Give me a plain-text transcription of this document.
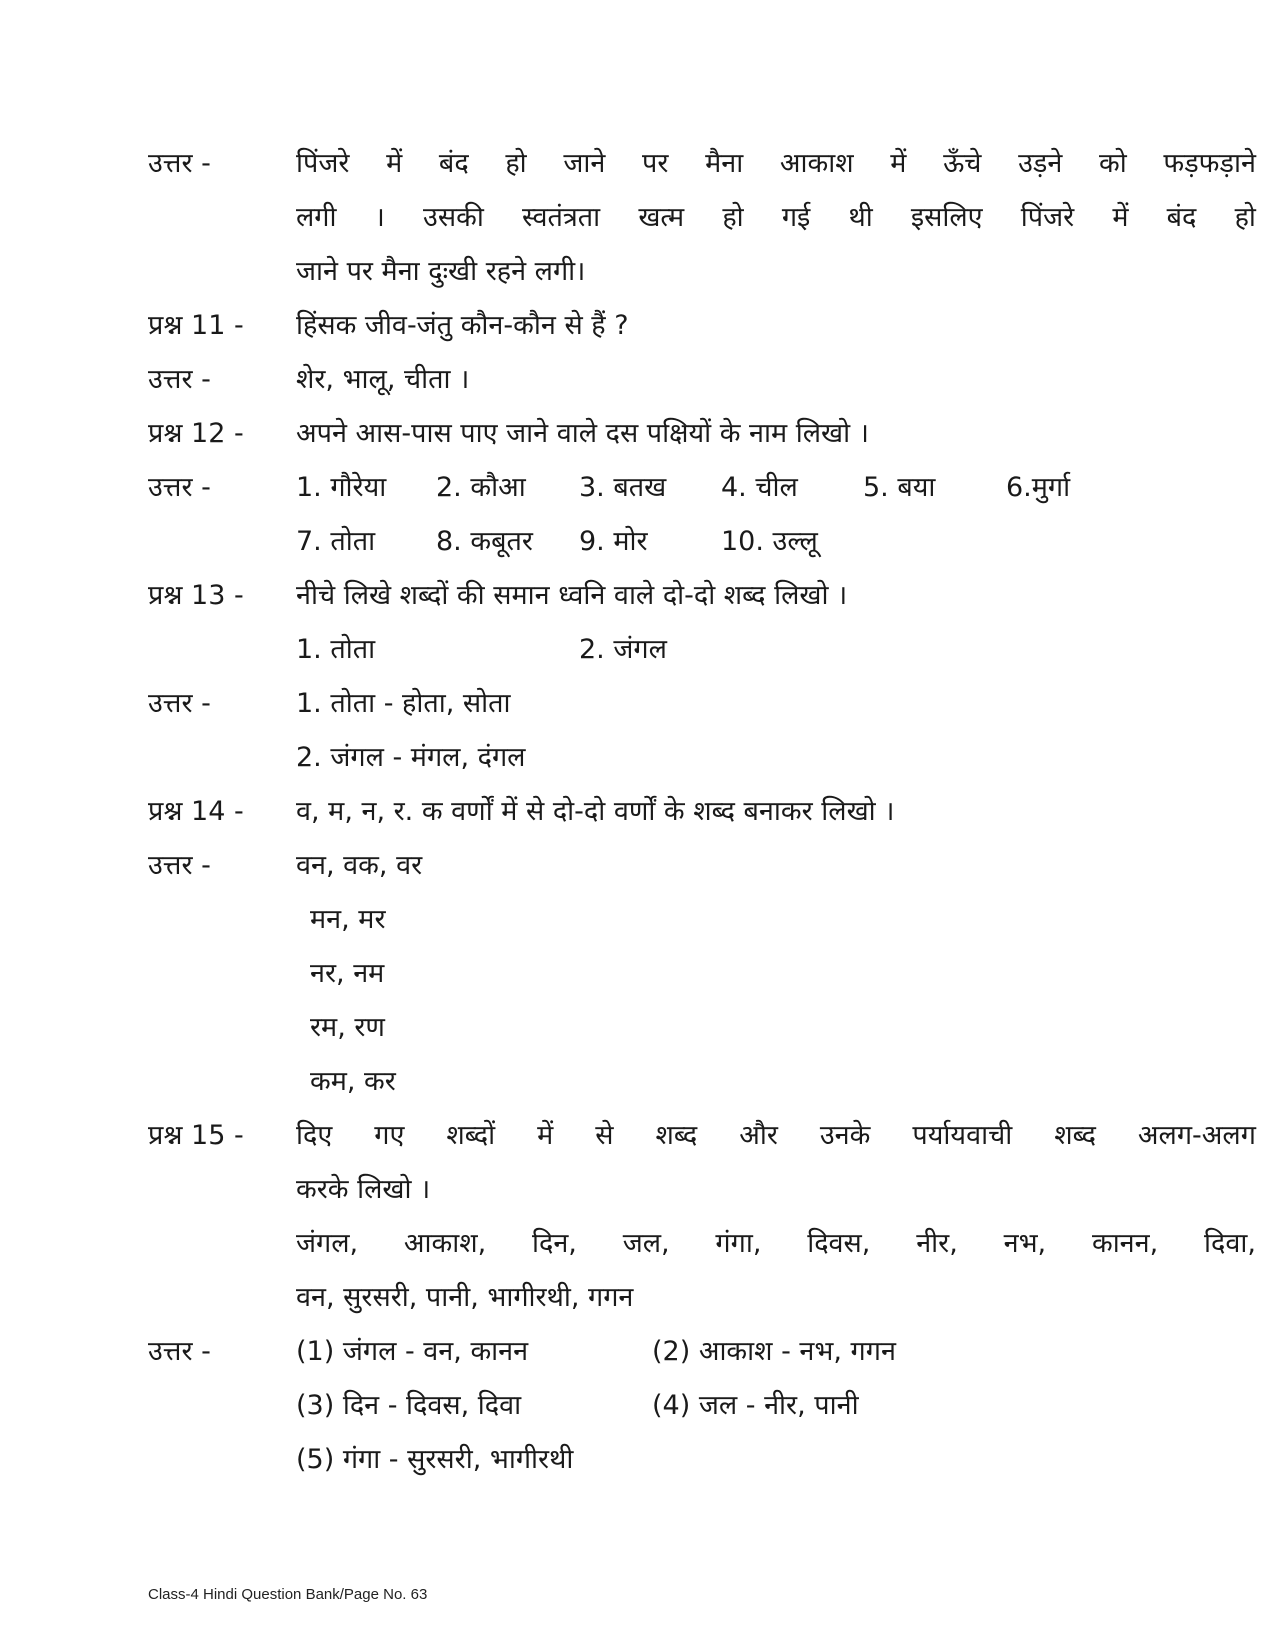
उत्तर -	पिंजरे में बंद हो जाने पर मैना आकाश में ऊँचे उड़ने को फड़फड़ाने
लगी । उसकी स्वतंत्रता खत्म हो गई थी इसलिए पिंजरे में बंद हो
जाने पर मैना दुःखी रहने लगी।
प्रश्न 11 - हिंसक जीव-जंतु कौन-कौन से हैं ?
उत्तर -	शेर, भालू, चीता ।
प्रश्न 12 - अपने आस-पास पाए जाने वाले दस पक्षियों के नाम लिखो ।
उत्तर -	1. गौरेया 2. कौआ 3. बतख 4. चील 5. बया	6.मुर्गा
7. तोता 8. कबूतर 9. मोर	10. उल्लू
प्रश्न 13 - नीचे लिखे शब्दों की समान ध्वनि वाले दो-दो शब्द लिखो ।
1. तोता	2. जंगल
उत्तर -	1. तोता - होता, सोता
2. जंगल - मंगल, दंगल
प्रश्न 14 - व, म, न, र. क वर्णों में से दो-दो वर्णों के शब्द बनाकर लिखो ।
उत्तर -	वन, वक, वर
मन, मर
नर, नम
रम, रण
कम, कर
प्रश्न 15 - दिए गए शब्दों में से शब्द और उनके पर्यायवाची शब्द अलग-अलग
करके लिखो ।
जंगल, आकाश, दिन, जल, गंगा, दिवस, नीर, नभ, कानन, दिवा,
वन, सुरसरी, पानी, भागीरथी, गगन
उत्तर -	(1) जंगल - वन, कानन	(2) आकाश - नभ, गगन
(3) दिन - दिवस, दिवा	(4) जल - नीर, पानी
(5) गंगा - सुरसरी, भागीरथी
Class-4 Hindi Question Bank/Page No. 63
